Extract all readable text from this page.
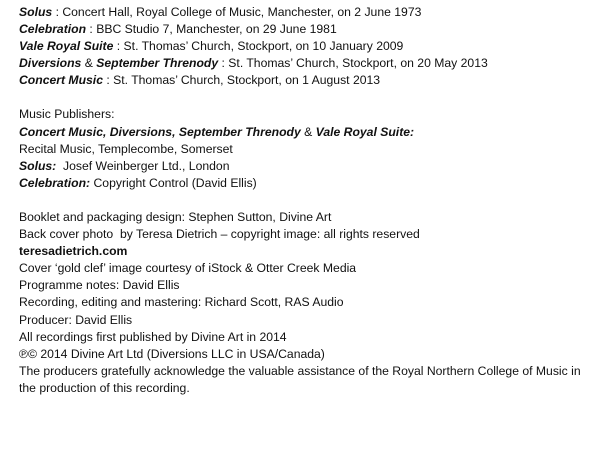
Solus : Concert Hall, Royal College of Music, Manchester, on 2 June 1973

Celebration : BBC Studio 7, Manchester, on 29 June 1981

Vale Royal Suite : St. Thomas’ Church, Stockport, on 10 January 2009

Diversions & September Threnody : St. Thomas’ Church, Stockport, on 20 May 2013

Concert Music : St. Thomas’ Church, Stockport, on 1 August 2013

Music Publishers:

Concert Music, Diversions, September Threnody & Vale Royal Suite:

Recital Music, Templecombe, Somerset

Solus:  Josef Weinberger Ltd., London

Celebration: Copyright Control (David Ellis)

Booklet and packaging design: Stephen Sutton, Divine Art

Back cover photo  by Teresa Dietrich – copyright image: all rights reserved

teresadietrich.com

Cover ‘gold clef’ image courtesy of iStock & Otter Creek Media

Programme notes: David Ellis

Recording, editing and mastering: Richard Scott, RAS Audio

Producer: David Ellis

All recordings first published by Divine Art in 2014

℗© 2014 Divine Art Ltd (Diversions LLC in USA/Canada)

The producers gratefully acknowledge the valuable assistance of the Royal Northern College of Music in the production of this recording.
